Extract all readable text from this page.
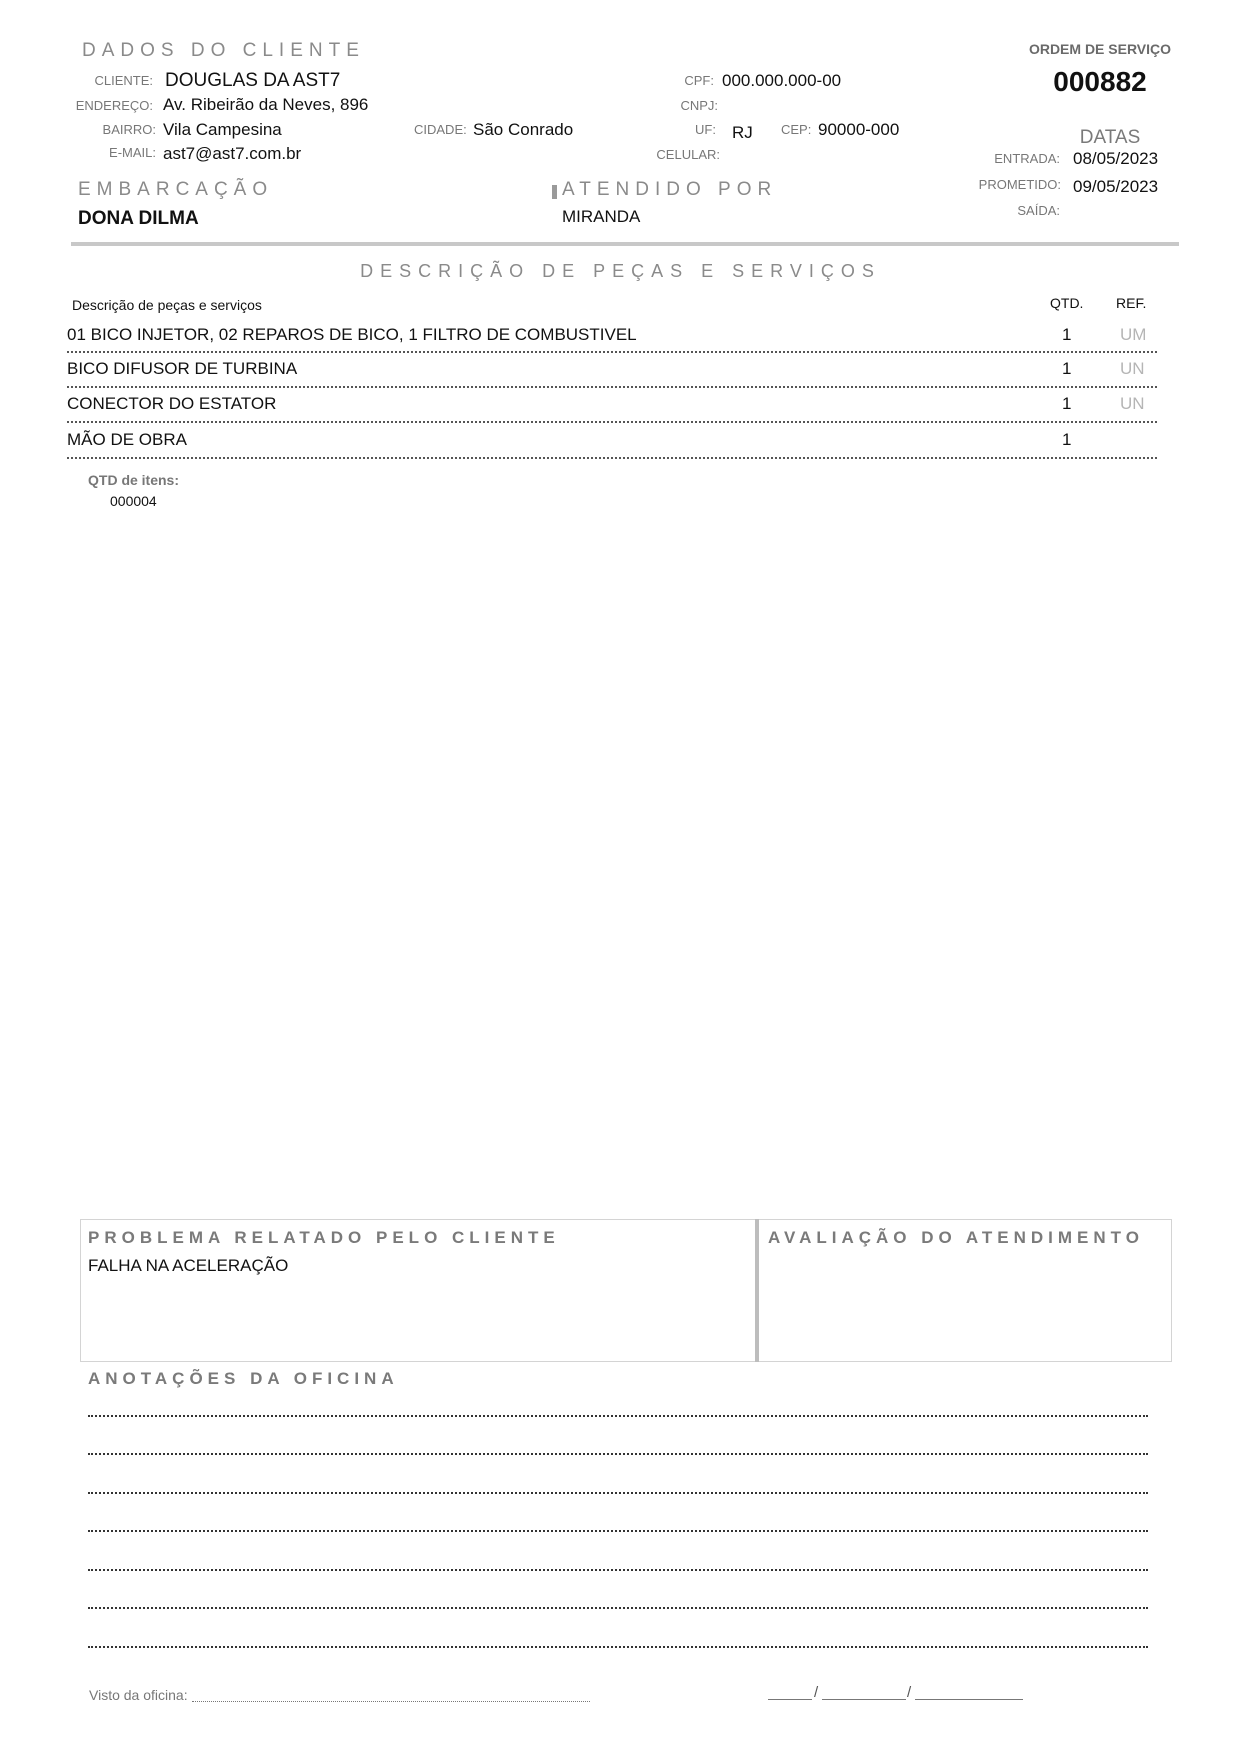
DADOS DO CLIENTE
CLIENTE: DOUGLAS DA AST7
ENDEREÇO: Av. Ribeirão da Neves, 896
BAIRRO: Vila Campesina
E-MAIL: ast7@ast7.com.br
CIDADE: São Conrado
CPF: 000.000.000-00
CNPJ:
UF: RJ CEP: 90000-000
CELULAR:
ORDEM DE SERVIÇO
000882
DATAS
ENTRADA: 08/05/2023
PROMETIDO: 09/05/2023
SAÍDA:
EMBARCAÇÃO
DONA DILMA
ATENDIDO POR
MIRANDA
DESCRIÇÃO DE PEÇAS E SERVIÇOS
Descrição de peças e serviços	QTD. REF.
01 BICO INJETOR, 02 REPAROS DE BICO, 1 FILTRO DE COMBUSTIVEL	1	UM
BICO DIFUSOR DE TURBINA	1	UN
CONECTOR DO ESTATOR	1	UN
MÃO DE OBRA	1
QTD de itens:
000004
PROBLEMA RELATADO PELO CLIENTE
FALHA NA ACELERAÇÃO
AVALIAÇÃO DO ATENDIMENTO
ANOTAÇÕES DA OFICINA
Visto da oficina:	/	/
